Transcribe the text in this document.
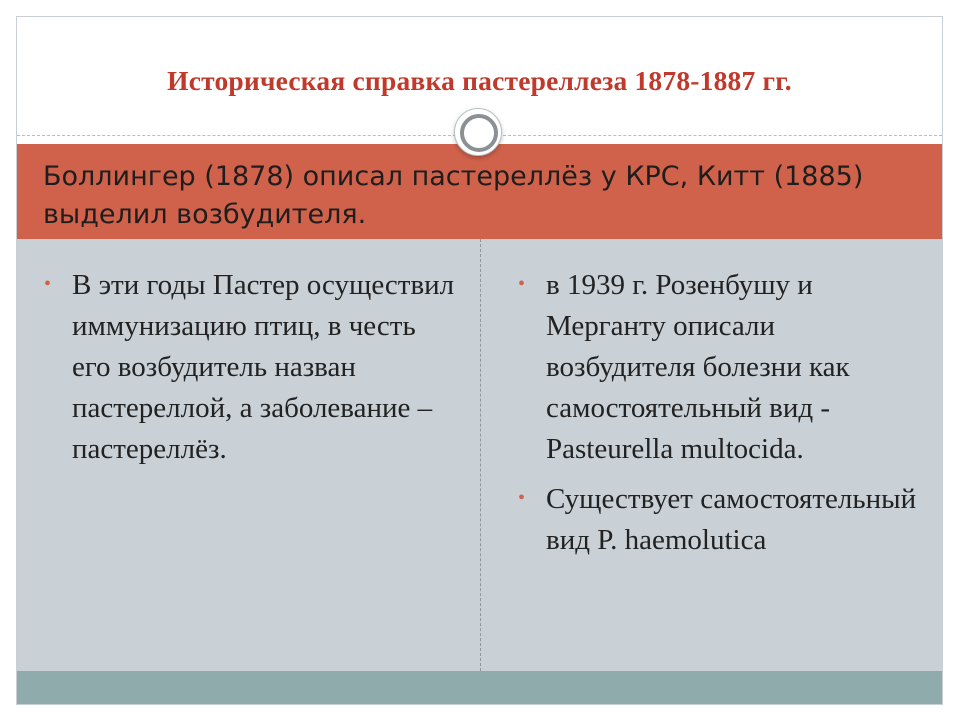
Историческая справка пастереллеза 1878-1887 гг.

Боллингер (1878) описал пастереллёз у КРС, Китт (1885) выделил возбудителя.

• В эти годы Пастер осуществил иммунизацию птиц, в честь его возбудитель назван пастереллой, а заболевание – пастереллёз.
• в 1939 г. Розенбушу и Мерганту описали возбудителя болезни как самостоятельный вид - Pasteurella multocida.
• Существует самостоятельный вид P. haemolutica
